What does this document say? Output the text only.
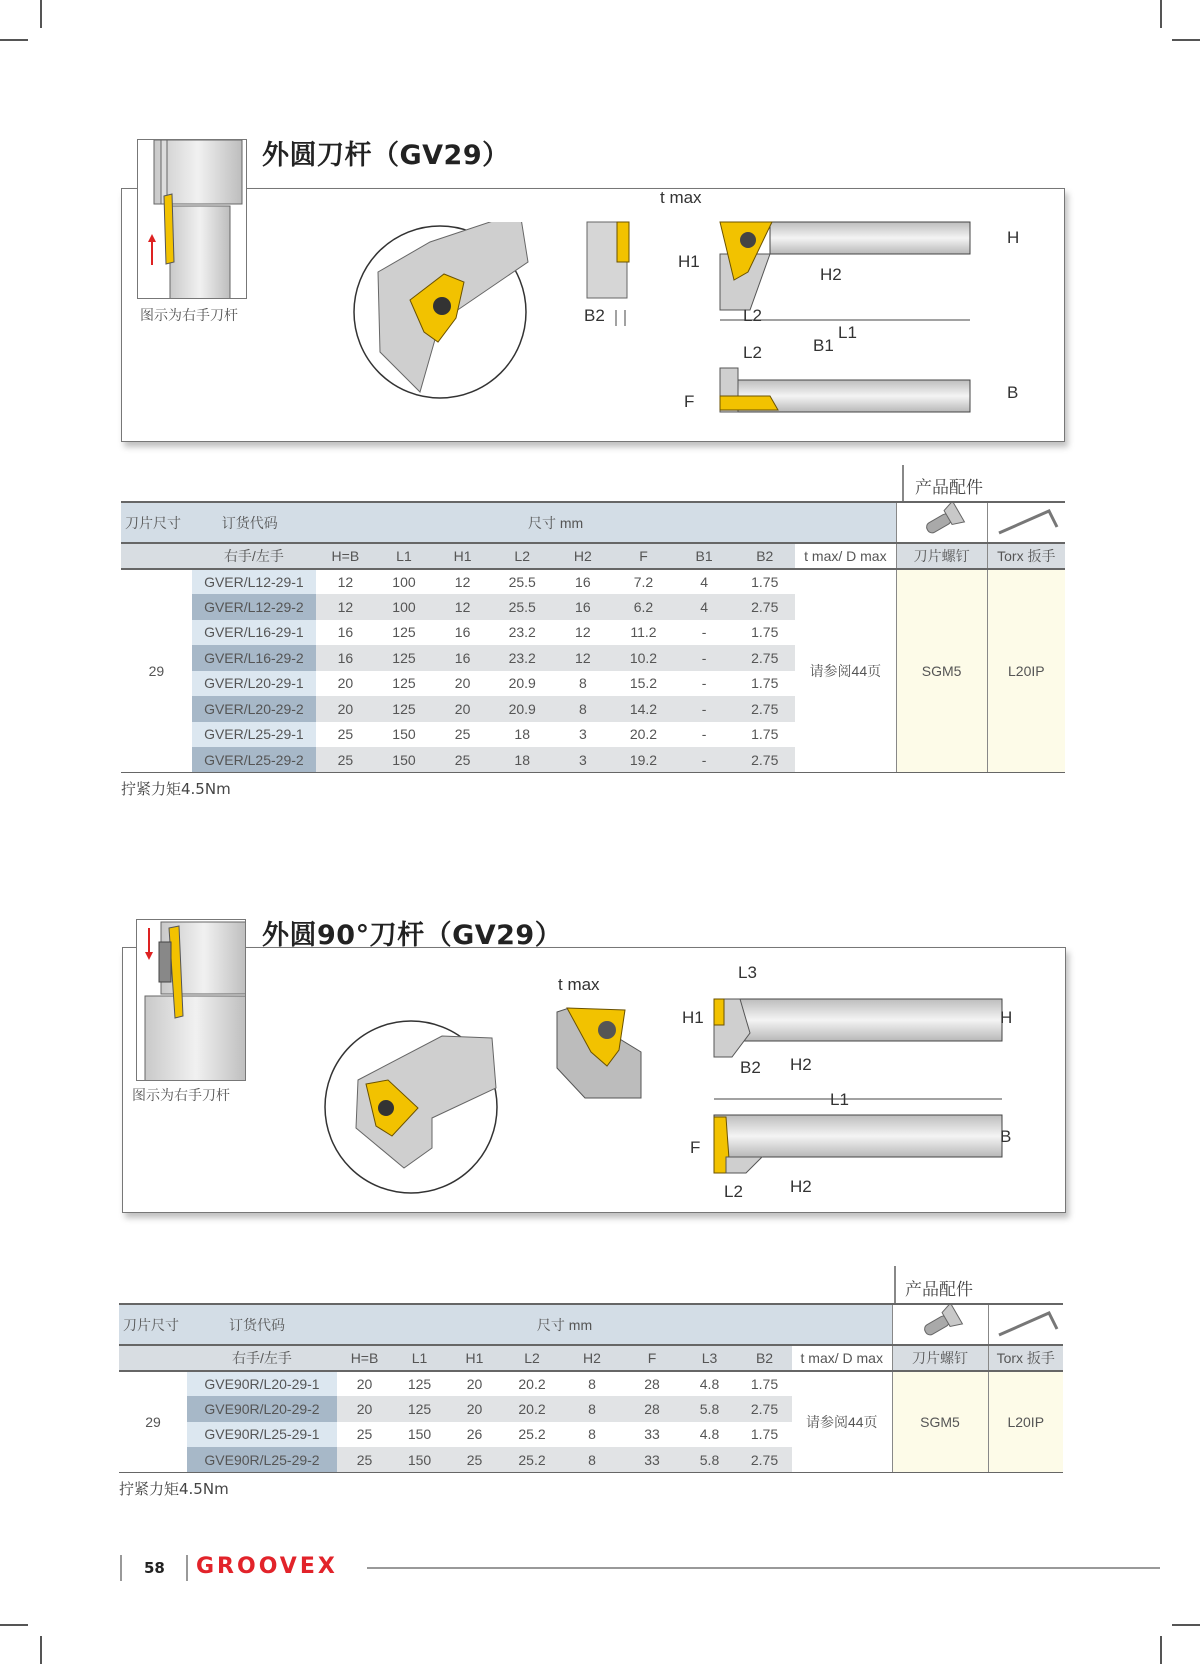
图示为右手刀杆
外圆刀杆（GV29）
B2
t max
H1
H
H2
L2
L1
B1
L2
F	B
产品配件
刀片尺寸	订货代码	尺寸 mm			
	右手/左手	H=B	L1	H1	L2	H2	F	B1	B2	t max/ D max	刀片螺钉	Torx 扳手
29	GVER/L12-29-1	12	100	12	25.5	16	7.2	4	1.75	请参阅44页	SGM5	L20IP
	GVER/L12-29-2	12	100	12	25.5	16	6.2	4	2.75			
	GVER/L16-29-1	16	125	16	23.2	12	11.2	-	1.75			
	GVER/L16-29-2	16	125	16	23.2	12	10.2	-	2.75			
	GVER/L20-29-1	20	125	20	20.9	8	15.2	-	1.75			
	GVER/L20-29-2	20	125	20	20.9	8	14.2	-	2.75			
	GVER/L25-29-1	25	150	25	18	3	20.2	-	1.75			
	GVER/L25-29-2	25	150	25	18	3	19.2	-	2.75			
拧紧力矩4.5Nm
图示为右手刀杆
外圆90°刀杆（GV29）
t max
L3
H1	H
B2 H2
L1
F
B
L2	H2
产品配件
刀片尺寸	订货代码	尺寸 mm			
	右手/左手	H=B	L1	H1	L2	H2	F	L3	B2	t max/ D max	刀片螺钉	Torx 扳手
29	GVE90R/L20-29-1	20	125	20	20.2	8	28	4.8	1.75	请参阅44页	SGM5	L20IP
	GVE90R/L20-29-2	20	125	20	20.2	8	28	5.8	2.75			
	GVE90R/L25-29-1	25	150	26	25.2	8	33	4.8	1.75			
	GVE90R/L25-29-2	25	150	25	25.2	8	33	5.8	2.75			
拧紧力矩4.5Nm
58 GROOVEX
